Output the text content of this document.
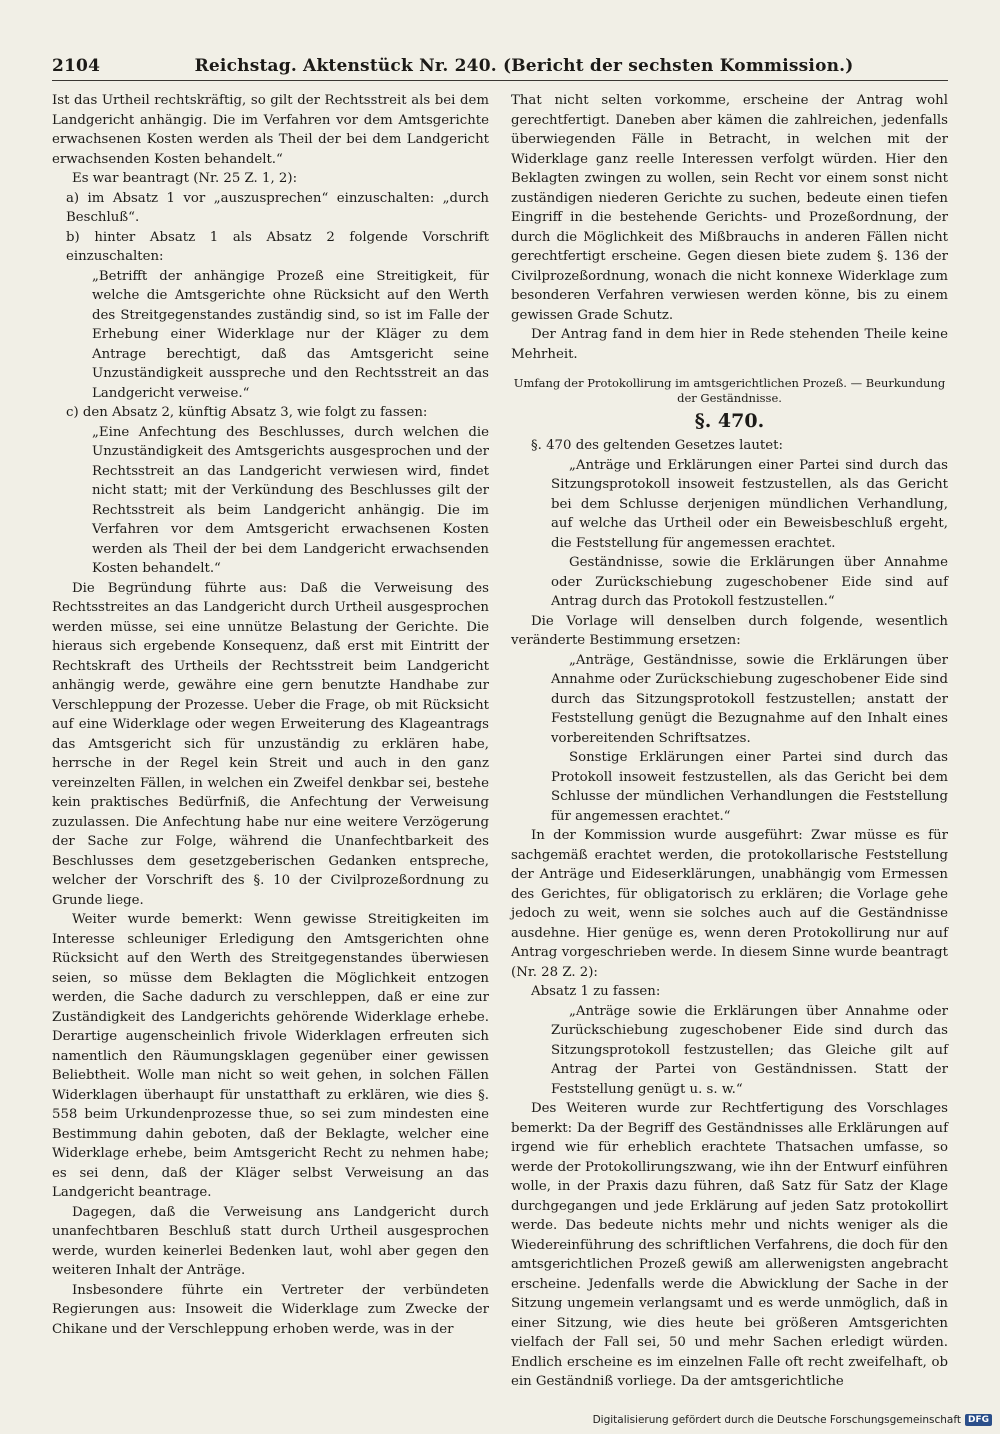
2104	Reichstag. Aktenstück Nr. 240. (Bericht der sechsten Kommission.)

Ist das Urtheil rechtskräftig, so gilt der Rechtsstreit als bei dem Landgericht anhängig. Die im Verfahren vor dem Amtsgerichte erwachsenen Kosten werden als Theil der bei dem Landgericht erwachsenden Kosten behandelt.“

Es war beantragt (Nr. 25 Z. 1, 2):

a) im Absatz 1 vor „auszusprechen“ einzuschalten: „durch Beschluß“.

b) hinter Absatz 1 als Absatz 2 folgende Vorschrift einzuschalten:

„Betrifft der anhängige Prozeß eine Streitigkeit, für welche die Amtsgerichte ohne Rücksicht auf den Werth des Streitgegenstandes zuständig sind, so ist im Falle der Erhebung einer Widerklage nur der Kläger zu dem Antrage berechtigt, daß das Amtsgericht seine Unzuständigkeit ausspreche und den Rechtsstreit an das Landgericht verweise.“

c) den Absatz 2, künftig Absatz 3, wie folgt zu fassen:

„Eine Anfechtung des Beschlusses, durch welchen die Unzuständigkeit des Amtsgerichts ausgesprochen und der Rechtsstreit an das Landgericht verwiesen wird, findet nicht statt; mit der Verkündung des Beschlusses gilt der Rechtsstreit als beim Landgericht anhängig. Die im Verfahren vor dem Amtsgericht erwachsenen Kosten werden als Theil der bei dem Landgericht erwachsenden Kosten behandelt.“

Die Begründung führte aus: Daß die Verweisung des Rechtsstreites an das Landgericht durch Urtheil ausgesprochen werden müsse, sei eine unnütze Belastung der Gerichte. Die hieraus sich ergebende Konsequenz, daß erst mit Eintritt der Rechtskraft des Urtheils der Rechtsstreit beim Landgericht anhängig werde, gewähre eine gern benutzte Handhabe zur Verschleppung der Prozesse. Ueber die Frage, ob mit Rücksicht auf eine Widerklage oder wegen Erweiterung des Klageantrags das Amtsgericht sich für unzuständig zu erklären habe, herrsche in der Regel kein Streit und auch in den ganz vereinzelten Fällen, in welchen ein Zweifel denkbar sei, bestehe kein praktisches Bedürfniß, die Anfechtung der Verweisung zuzulassen. Die Anfechtung habe nur eine weitere Verzögerung der Sache zur Folge, während die Unanfechtbarkeit des Beschlusses dem gesetzgeberischen Gedanken entspreche, welcher der Vorschrift des §. 10 der Civilprozeßordnung zu Grunde liege.

Weiter wurde bemerkt: Wenn gewisse Streitigkeiten im Interesse schleuniger Erledigung den Amtsgerichten ohne Rücksicht auf den Werth des Streitgegenstandes überwiesen seien, so müsse dem Beklagten die Möglichkeit entzogen werden, die Sache dadurch zu verschleppen, daß er eine zur Zuständigkeit des Landgerichts gehörende Widerklage erhebe. Derartige augenscheinlich frivole Widerklagen erfreuten sich namentlich den Räumungsklagen gegenüber einer gewissen Beliebtheit. Wolle man nicht so weit gehen, in solchen Fällen Widerklagen überhaupt für unstatthaft zu erklären, wie dies §. 558 beim Urkundenprozesse thue, so sei zum mindesten eine Bestimmung dahin geboten, daß der Beklagte, welcher eine Widerklage erhebe, beim Amtsgericht Recht zu nehmen habe; es sei denn, daß der Kläger selbst Verweisung an das Landgericht beantrage.

Dagegen, daß die Verweisung ans Landgericht durch unanfechtbaren Beschluß statt durch Urtheil ausgesprochen werde, wurden keinerlei Bedenken laut, wohl aber gegen den weiteren Inhalt der Anträge.

Insbesondere führte ein Vertreter der verbündeten Regierungen aus: Insoweit die Widerklage zum Zwecke der Chikane und der Verschleppung erhoben werde, was in der

That nicht selten vorkomme, erscheine der Antrag wohl gerechtfertigt. Daneben aber kämen die zahlreichen, jedenfalls überwiegenden Fälle in Betracht, in welchen mit der Widerklage ganz reelle Interessen verfolgt würden. Hier den Beklagten zwingen zu wollen, sein Recht vor einem sonst nicht zuständigen niederen Gerichte zu suchen, bedeute einen tiefen Eingriff in die bestehende Gerichts- und Prozeßordnung, der durch die Möglichkeit des Mißbrauchs in anderen Fällen nicht gerechtfertigt erscheine. Gegen diesen biete zudem §. 136 der Civilprozeßordnung, wonach die nicht konnexe Widerklage zum besonderen Verfahren verwiesen werden könne, bis zu einem gewissen Grade Schutz.

Der Antrag fand in dem hier in Rede stehenden Theile keine Mehrheit.

Umfang der Protokollirung im amtsgerichtlichen Prozeß. — Beurkundung der Geständnisse.

§. 470.

§. 470 des geltenden Gesetzes lautet:

„Anträge und Erklärungen einer Partei sind durch das Sitzungsprotokoll insoweit festzustellen, als das Gericht bei dem Schlusse derjenigen mündlichen Verhandlung, auf welche das Urtheil oder ein Beweisbeschluß ergeht, die Feststellung für angemessen erachtet.

Geständnisse, sowie die Erklärungen über Annahme oder Zurückschiebung zugeschobener Eide sind auf Antrag durch das Protokoll festzustellen.“

Die Vorlage will denselben durch folgende, wesentlich veränderte Bestimmung ersetzen:

„Anträge, Geständnisse, sowie die Erklärungen über Annahme oder Zurückschiebung zugeschobener Eide sind durch das Sitzungsprotokoll festzustellen; anstatt der Feststellung genügt die Bezugnahme auf den Inhalt eines vorbereitenden Schriftsatzes.

Sonstige Erklärungen einer Partei sind durch das Protokoll insoweit festzustellen, als das Gericht bei dem Schlusse der mündlichen Verhandlungen die Feststellung für angemessen erachtet.“

In der Kommission wurde ausgeführt: Zwar müsse es für sachgemäß erachtet werden, die protokollarische Feststellung der Anträge und Eideserklärungen, unabhängig vom Ermessen des Gerichtes, für obligatorisch zu erklären; die Vorlage gehe jedoch zu weit, wenn sie solches auch auf die Geständnisse ausdehne. Hier genüge es, wenn deren Protokollirung nur auf Antrag vorgeschrieben werde. In diesem Sinne wurde beantragt (Nr. 28 Z. 2):

Absatz 1 zu fassen:

„Anträge sowie die Erklärungen über Annahme oder Zurückschiebung zugeschobener Eide sind durch das Sitzungsprotokoll festzustellen; das Gleiche gilt auf Antrag der Partei von Geständnissen. Statt der Feststellung genügt u. s. w.“

Des Weiteren wurde zur Rechtfertigung des Vorschlages bemerkt: Da der Begriff des Geständnisses alle Erklärungen auf irgend wie für erheblich erachtete Thatsachen umfasse, so werde der Protokollirungszwang, wie ihn der Entwurf einführen wolle, in der Praxis dazu führen, daß Satz für Satz der Klage durchgegangen und jede Erklärung auf jeden Satz protokollirt werde. Das bedeute nichts mehr und nichts weniger als die Wiedereinführung des schriftlichen Verfahrens, die doch für den amtsgerichtlichen Prozeß gewiß am allerwenigsten angebracht erscheine. Jedenfalls werde die Abwicklung der Sache in der Sitzung ungemein verlangsamt und es werde unmöglich, daß in einer Sitzung, wie dies heute bei größeren Amtsgerichten vielfach der Fall sei, 50 und mehr Sachen erledigt würden. Endlich erscheine es im einzelnen Falle oft recht zweifelhaft, ob ein Geständniß vorliege. Da der amtsgerichtliche

Digitalisierung gefördert durch die Deutsche Forschungsgemeinschaft DFG
